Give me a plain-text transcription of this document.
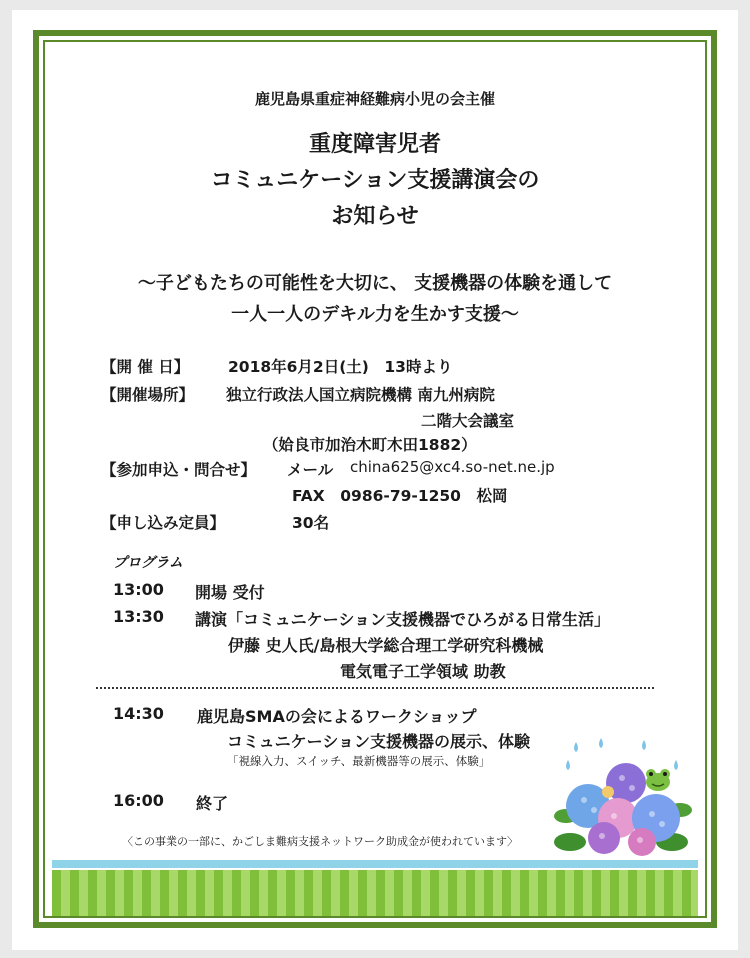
鹿児島県重症神経難病小児の会主催
重度障害児者
コミュニケーション支援講演会の
お知らせ
～子どもたちの可能性を大切に、 支援機器の体験を通して
一人一人のデキル力を生かす支援～
【開 催 日】 2018年6月2日(土)　13時より
【開催場所】 独立行政法人国立病院機構 南九州病院
二階大会議室
（姶良市加治木町木田1882）
【参加申込・問合せ】 メール china625@xc4.so-net.ne.jp
FAX　0986-79-1250　松岡
【申し込み定員】	30名
プログラム
13:00 開場 受付
13:30 講演「コミュニケーション支援機器でひろがる日常生活」
伊藤 史人氏/島根大学総合理工学研究科機械
電気電子工学領域 助教
14:30 鹿児島SMAの会によるワークショップ
コミュニケーション支援機器の展示、体験
「視線入力、スイッチ、最新機器等の展示、体験」
16:00 終了
〈この事業の一部に、かごしま難病支援ネットワーク助成金が使われています〉
